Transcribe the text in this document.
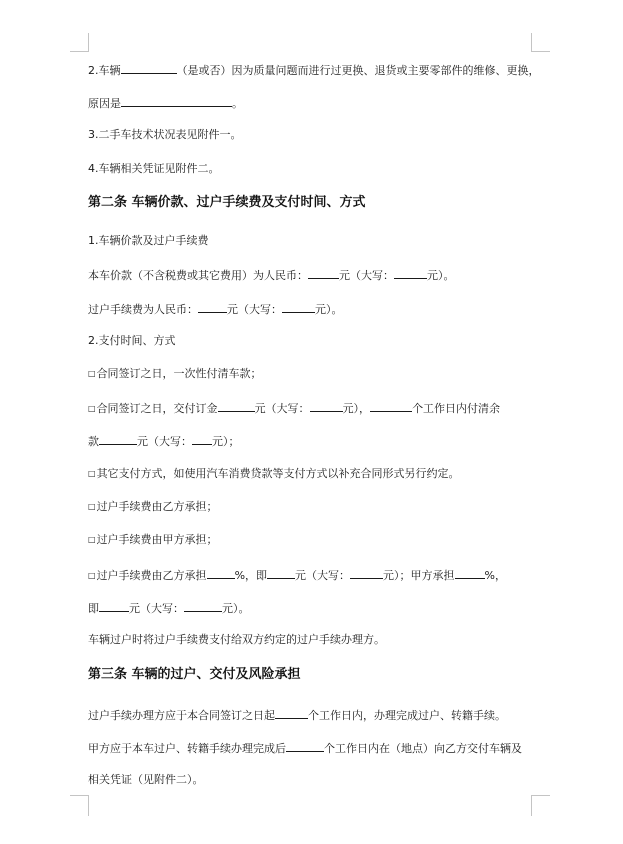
2.车辆	（是或否）因为质量问题而进行过更换、退货或主要零部件的维修、更换，
原因是	。
3.二手车技术状况表见附件一。
4.车辆相关凭证见附件二。
第二条 车辆价款、过户手续费及支付时间、方式
1.车辆价款及过户手续费
本车价款（不含税费或其它费用）为人民币：	元（大写：	元）。
过户手续费为人民币：	元（大写：	元）。
2.支付时间、方式
□合同签订之日，一次性付清车款；
□合同签订之日，交付订金	元（大写：	元），	个工作日内付清余
款	元（大写： 元）；
□其它支付方式，如使用汽车消费贷款等支付方式以补充合同形式另行约定。
□过户手续费由乙方承担；
□过户手续费由甲方承担；
□过户手续费由乙方承担	%，即	元（大写：	元）；甲方承担	%，
即	元（大写：	元）。
车辆过户时将过户手续费支付给双方约定的过户手续办理方。
第三条 车辆的过户、交付及风险承担
过户手续办理方应于本合同签订之日起	个工作日内，办理完成过户、转籍手续。
甲方应于本车过户、转籍手续办理完成后	个工作日内在（地点）向乙方交付车辆及
相关凭证（见附件二）。
